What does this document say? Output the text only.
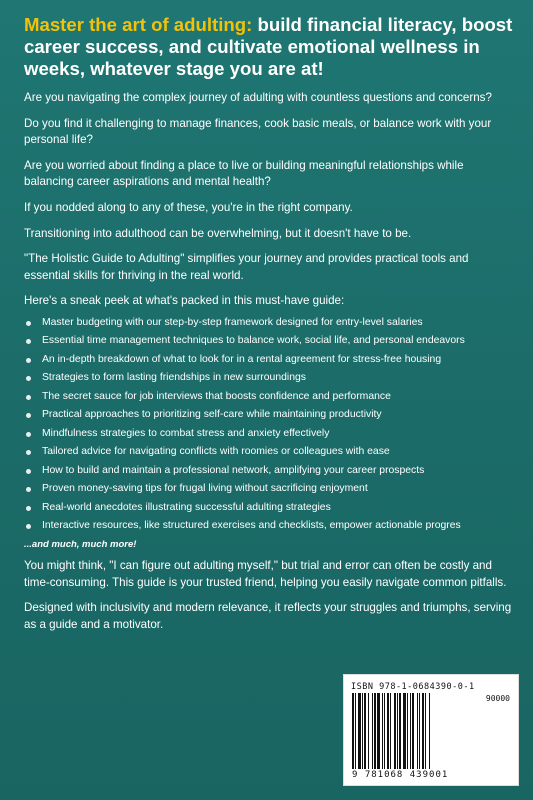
Master the art of adulting: build financial literacy, boost career success, and cultivate emotional wellness in weeks, whatever stage you are at!

Are you navigating the complex journey of adulting with countless questions and concerns?

Do you find it challenging to manage finances, cook basic meals, or balance work with your personal life?

Are you worried about finding a place to live or building meaningful relationships while balancing career aspirations and mental health?

If you nodded along to any of these, you're in the right company.

Transitioning into adulthood can be overwhelming, but it doesn't have to be.

"The Holistic Guide to Adulting" simplifies your journey and provides practical tools and essential skills for thriving in the real world.

Here's a sneak peek at what's packed in this must-have guide:

Master budgeting with our step-by-step framework designed for entry-level salaries
Essential time management techniques to balance work, social life, and personal endeavors
An in-depth breakdown of what to look for in a rental agreement for stress-free housing
Strategies to form lasting friendships in new surroundings
The secret sauce for job interviews that boosts confidence and performance
Practical approaches to prioritizing self-care while maintaining productivity
Mindfulness strategies to combat stress and anxiety effectively
Tailored advice for navigating conflicts with roomies or colleagues with ease
How to build and maintain a professional network, amplifying your career prospects
Proven money-saving tips for frugal living without sacrificing enjoyment
Real-world anecdotes illustrating successful adulting strategies
Interactive resources, like structured exercises and checklists, empower actionable progres

...and much, much more!

You might think, "I can figure out adulting myself," but trial and error can often be costly and time-consuming. This guide is your trusted friend, helping you easily navigate common pitfalls.

Designed with inclusivity and modern relevance, it reflects your struggles and triumphs, serving as a guide and a motivator.

ISBN 978-1-0684390-0-1
90000
9 781068 439001
